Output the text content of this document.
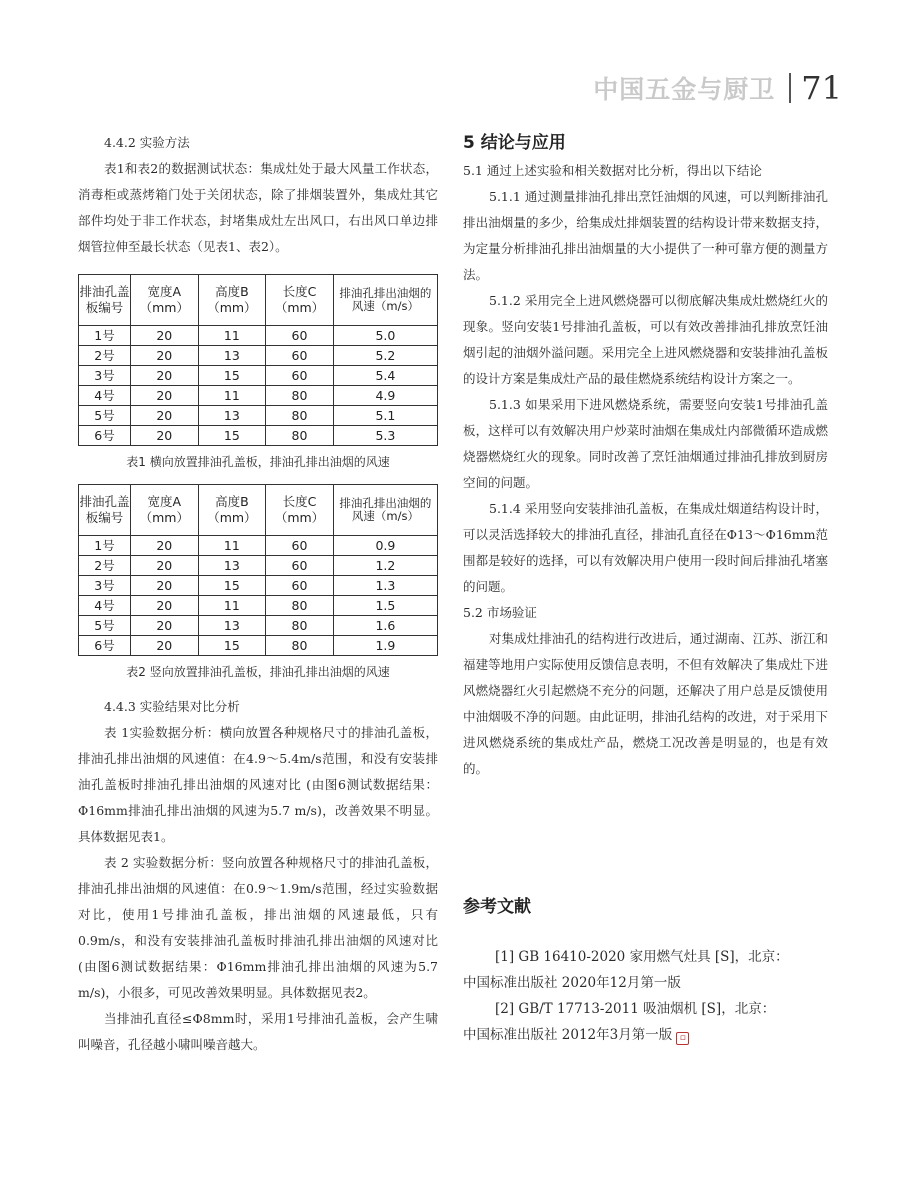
中国五金与厨卫 71

4.4.2 实验方法

表1和表2的数据测试状态：集成灶处于最大风量工作状态，消毒柜或蒸烤箱门处于关闭状态，除了排烟装置外，集成灶其它部件均处于非工作状态，封堵集成灶左出风口，右出风口单边排烟管拉伸至最长状态（见表1、表2）。

排油孔盖板编号	宽度A（mm）	高度B（mm）	长度C（mm）	排油孔排出油烟的风速（m/s）
1号	20	11	60	5.0
2号	20	13	60	5.2
3号	20	15	60	5.4
4号	20	11	80	4.9
5号	20	13	80	5.1
6号	20	15	80	5.3
表1 横向放置排油孔盖板，排油孔排出油烟的风速
排油孔盖板编号	宽度A（mm）	高度B（mm）	长度C（mm）	排油孔排出油烟的风速（m/s）
1号	20	11	60	0.9
2号	20	13	60	1.2
3号	20	15	60	1.3
4号	20	11	80	1.5
5号	20	13	80	1.6
6号	20	15	80	1.9
表2 竖向放置排油孔盖板，排油孔排出油烟的风速

4.4.3 实验结果对比分析

表 1实验数据分析：横向放置各种规格尺寸的排油孔盖板，排油孔排出油烟的风速值：在4.9～5.4m/s范围，和没有安装排油孔盖板时排油孔排出油烟的风速对比 (由图6测试数据结果：Φ16mm排油孔排出油烟的风速为5.7 m/s)，改善效果不明显。具体数据见表1。

表 2 实验数据分析：竖向放置各种规格尺寸的排油孔盖板，排油孔排出油烟的风速值：在0.9～1.9m/s范围，经过实验数据对比，使用1号排油孔盖板，排出油烟的风速最低，只有0.9m/s，和没有安装排油孔盖板时排油孔排出油烟的风速对比 (由图6测试数据结果：Φ16mm排油孔排出油烟的风速为5.7 m/s)，小很多，可见改善效果明显。具体数据见表2。

当排油孔直径≤Φ8mm时，采用1号排油孔盖板，会产生啸叫噪音，孔径越小啸叫噪音越大。

5 结论与应用

5.1 通过上述实验和相关数据对比分析，得出以下结论

5.1.1 通过测量排油孔排出烹饪油烟的风速，可以判断排油孔排出油烟量的多少，给集成灶排烟装置的结构设计带来数据支持，为定量分析排油孔排出油烟量的大小提供了一种可靠方便的测量方法。

5.1.2 采用完全上进风燃烧器可以彻底解决集成灶燃烧红火的现象。竖向安装1号排油孔盖板，可以有效改善排油孔排放烹饪油烟引起的油烟外溢问题。采用完全上进风燃烧器和安装排油孔盖板的设计方案是集成灶产品的最佳燃烧系统结构设计方案之一。

5.1.3 如果采用下进风燃烧系统，需要竖向安装1号排油孔盖板，这样可以有效解决用户炒菜时油烟在集成灶内部微循环造成燃烧器燃烧红火的现象。同时改善了烹饪油烟通过排油孔排放到厨房空间的问题。

5.1.4 采用竖向安装排油孔盖板，在集成灶烟道结构设计时，可以灵活选择较大的排油孔直径，排油孔直径在Φ13～Φ16mm范围都是较好的选择，可以有效解决用户使用一段时间后排油孔堵塞的问题。

5.2 市场验证

对集成灶排油孔的结构进行改进后，通过湖南、江苏、浙江和福建等地用户实际使用反馈信息表明，不但有效解决了集成灶下进风燃烧器红火引起燃烧不充分的问题，还解决了用户总是反馈使用中油烟吸不净的问题。由此证明，排油孔结构的改进，对于采用下进风燃烧系统的集成灶产品，燃烧工况改善是明显的，也是有效的。

参考文献

[1] GB 16410-2020 家用燃气灶具 [S]，北京：

中国标准出版社 2020年12月第一版

[2] GB/T 17713-2011 吸油烟机 [S]，北京：

中国标准出版社 2012年3月第一版 ▫
